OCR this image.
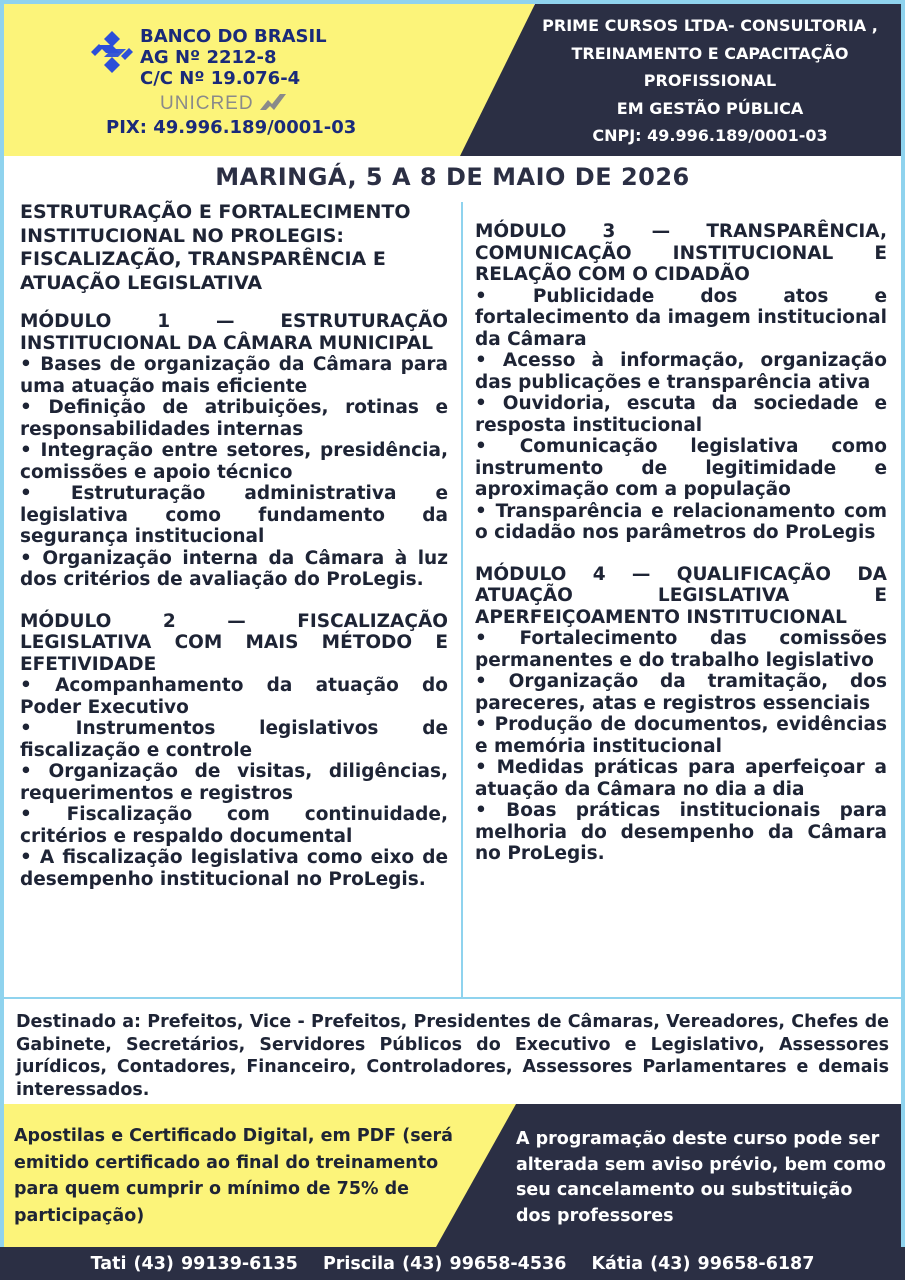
BANCO DO BRASIL
AG Nº 2212-8
C/C Nº 19.076-4
UNICRED
PIX: 49.996.189/0001-03
PRIME CURSOS LTDA- CONSULTORIA ,
TREINAMENTO E CAPACITAÇÃO
PROFISSIONAL
EM GESTÃO PÚBLICA
CNPJ: 49.996.189/0001-03
MARINGÁ, 5 A 8 DE MAIO DE 2026
ESTRUTURAÇÃO E FORTALECIMENTO INSTITUCIONAL NO PROLEGIS: FISCALIZAÇÃO, TRANSPARÊNCIA E ATUAÇÃO LEGISLATIVA
MÓDULO 1 — ESTRUTURAÇÃO INSTITUCIONAL DA CÂMARA MUNICIPAL
• Bases de organização da Câmara para uma atuação mais eficiente
• Definição de atribuições, rotinas e responsabilidades internas
• Integração entre setores, presidência, comissões e apoio técnico
• Estruturação administrativa e legislativa como fundamento da segurança institucional
• Organização interna da Câmara à luz dos critérios de avaliação do ProLegis.
MÓDULO 2 — FISCALIZAÇÃO LEGISLATIVA COM MAIS MÉTODO E EFETIVIDADE
• Acompanhamento da atuação do Poder Executivo
• Instrumentos legislativos de fiscalização e controle
• Organização de visitas, diligências, requerimentos e registros
• Fiscalização com continuidade, critérios e respaldo documental
• A fiscalização legislativa como eixo de desempenho institucional no ProLegis.
MÓDULO 3 — TRANSPARÊNCIA, COMUNICAÇÃO INSTITUCIONAL E RELAÇÃO COM O CIDADÃO
• Publicidade dos atos e fortalecimento da imagem institucional da Câmara
• Acesso à informação, organização das publicações e transparência ativa
• Ouvidoria, escuta da sociedade e resposta institucional
• Comunicação legislativa como instrumento de legitimidade e aproximação com a população
• Transparência e relacionamento com o cidadão nos parâmetros do ProLegis
MÓDULO 4 — QUALIFICAÇÃO DA ATUAÇÃO LEGISLATIVA E APERFEIÇOAMENTO INSTITUCIONAL
• Fortalecimento das comissões permanentes e do trabalho legislativo
• Organização da tramitação, dos pareceres, atas e registros essenciais
• Produção de documentos, evidências e memória institucional
• Medidas práticas para aperfeiçoar a atuação da Câmara no dia a dia
• Boas práticas institucionais para melhoria do desempenho da Câmara no ProLegis.
Destinado a: Prefeitos, Vice - Prefeitos, Presidentes de Câmaras, Vereadores, Chefes de Gabinete, Secretários, Servidores Públicos do Executivo e Legislativo, Assessores jurídicos, Contadores, Financeiro, Controladores, Assessores Parlamentares e demais interessados.
Apostilas e Certificado Digital, em PDF (será emitido certificado ao final do treinamento para quem cumprir o mínimo de 75% de participação)
A programação deste curso pode ser alterada sem aviso prévio, bem como seu cancelamento ou substituição dos professores
Tati (43) 99139-6135 Priscila (43) 99658-4536 Kátia (43) 99658-6187
